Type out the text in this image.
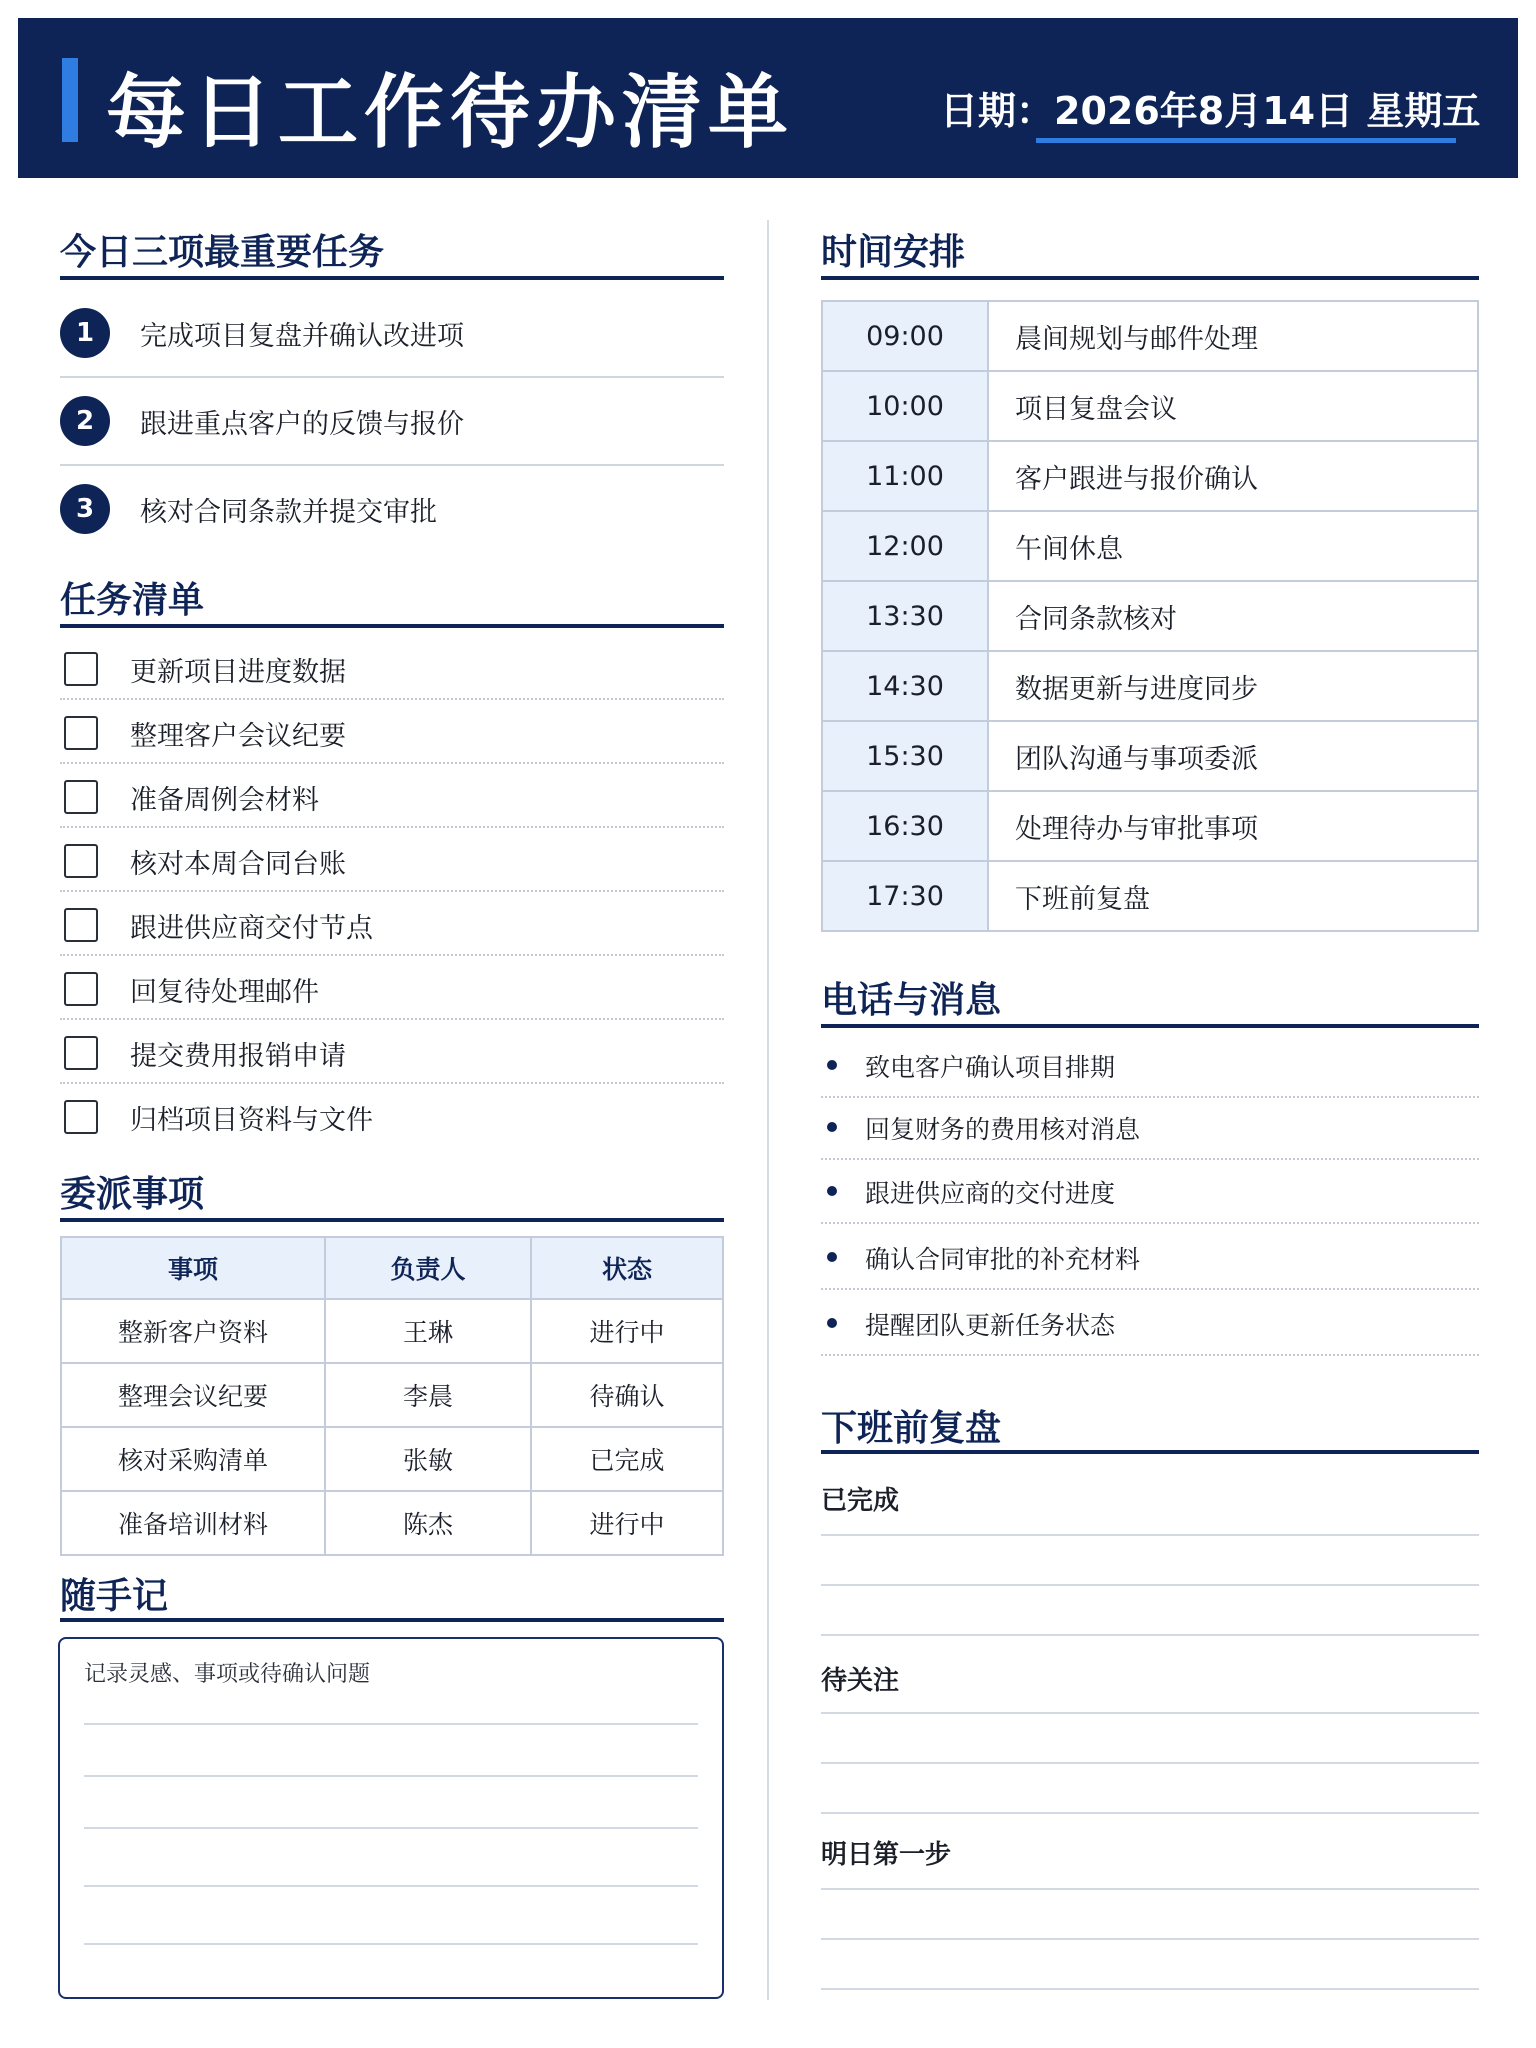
每日工作待办清单	日期：2026年8月14日 星期五
今日三项最重要任务
1	完成项目复盘并确认改进项
2	跟进重点客户的反馈与报价
3	核对合同条款并提交审批
任务清单
更新项目进度数据
整理客户会议纪要
准备周例会材料
核对本周合同台账
跟进供应商交付节点
回复待处理邮件
提交费用报销申请
归档项目资料与文件
委派事项
事项	负责人	状态
整新客户资料	王琳	进行中
整理会议纪要	李晨	待确认
核对采购清单	张敏	已完成
准备培训材料	陈杰	进行中
随手记
记录灵感、事项或待确认问题
时间安排
09:00	晨间规划与邮件处理
10:00	项目复盘会议
11:00	客户跟进与报价确认
12:00	午间休息
13:30	合同条款核对
14:30	数据更新与进度同步
15:30	团队沟通与事项委派
16:30	处理待办与审批事项
17:30	下班前复盘
电话与消息
致电客户确认项目排期
回复财务的费用核对消息
跟进供应商的交付进度
确认合同审批的补充材料
提醒团队更新任务状态
下班前复盘
已完成
待关注
明日第一步
